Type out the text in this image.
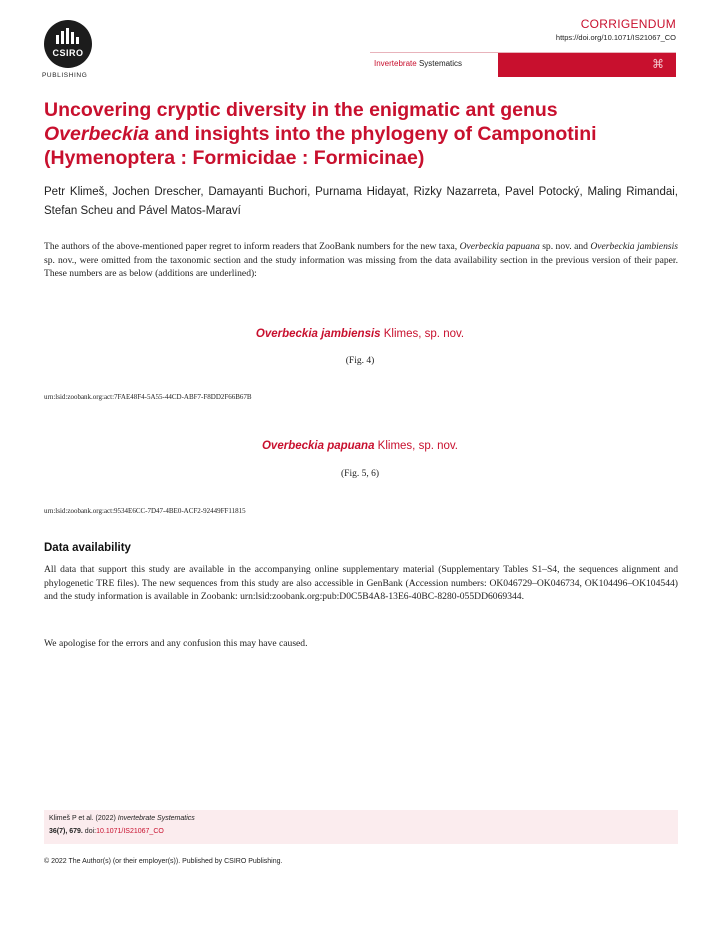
CSIRO
PUBLISHING
CORRIGENDUM
https://doi.org/10.1071/IS21067_CO
Invertebrate Systematics	⌘
Uncovering cryptic diversity in the enigmatic ant genus
Overbeckia and insights into the phylogeny of Camponotini
(Hymenoptera : Formicidae : Formicinae)
Petr Klimeš, Jochen Drescher, Damayanti Buchori, Purnama Hidayat, Rizky Nazarreta, Pavel Potocký, Maling Rimandai, Stefan Scheu and Pável Matos-Maraví

The authors of the above-mentioned paper regret to inform readers that ZooBank numbers for the new taxa, Overbeckia papuana sp. nov. and Overbeckia jambiensis sp. nov., were omitted from the taxonomic section and the study information was missing from the data availability section in the previous version of their paper. These numbers are as below (additions are underlined):

Overbeckia jambiensis Klimes, sp. nov.
(Fig. 4)
urn:lsid:zoobank.org:act:7FAE48F4-5A55-44CD-ABF7-F8DD2F66B67B
Overbeckia papuana Klimes, sp. nov.
(Fig. 5, 6)
urn:lsid:zoobank.org:act:9534E6CC-7D47-4BE0-ACF2-92449FF11815
Data availability

All data that support this study are available in the accompanying online supplementary material (Supplementary Tables S1–S4, the sequences alignment and phylogenetic TRE files). The new sequences from this study are also accessible in GenBank (Accession numbers: OK046729–OK046734, OK104496–OK104544) and the study information is available in Zoobank: urn:lsid:zoobank.org:pub:D0C5B4A8-13E6-40BC-8280-055DD6069344.

We apologise for the errors and any confusion this may have caused.

Klimeš P et al. (2022) Invertebrate Systematics
36(7), 679. doi:10.1071/IS21067_CO
© 2022 The Author(s) (or their employer(s)). Published by CSIRO Publishing.
